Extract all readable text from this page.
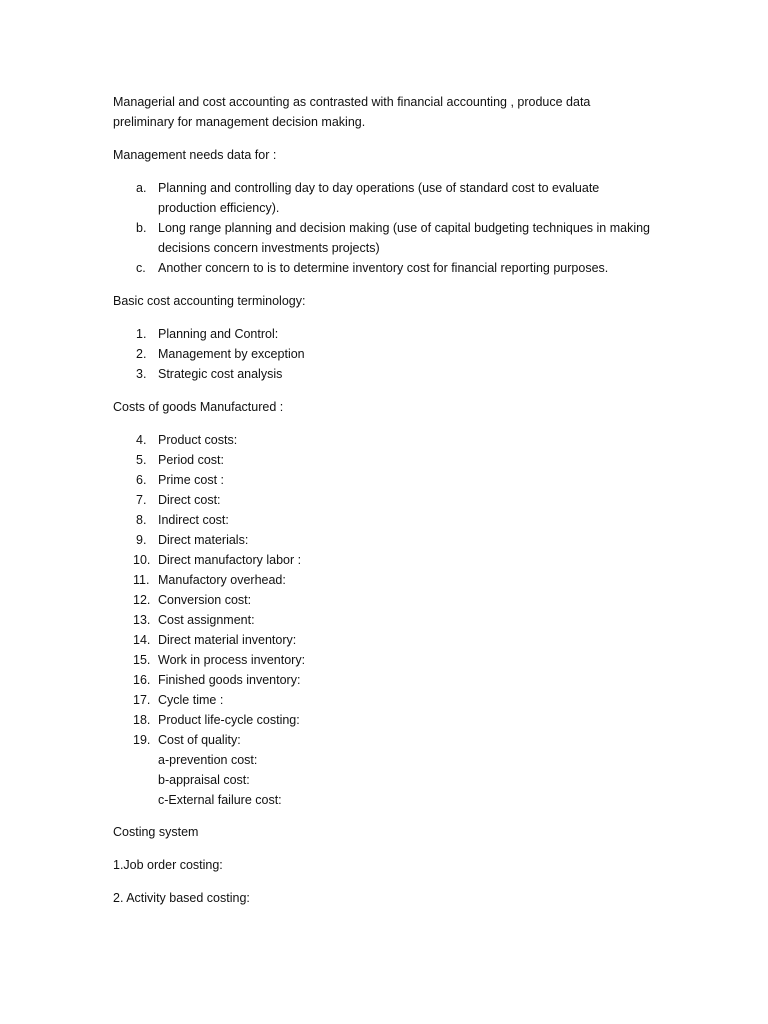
Managerial and cost accounting as contrasted with financial accounting , produce data
preliminary for management decision making.
Management needs data for :
a. Planning and controlling day to day operations (use of standard cost to evaluate
production efficiency).
b. Long range planning and decision making (use of capital budgeting techniques in making
decisions concern investments projects)
c. Another concern to is to determine inventory cost for financial reporting purposes.
Basic cost accounting terminology:
1. Planning and Control:
2. Management by exception
3. Strategic cost analysis
Costs of goods Manufactured :
4. Product costs:
5. Period cost:
6. Prime cost :
7. Direct cost:
8. Indirect cost:
9. Direct materials:
10. Direct manufactory labor :
11. Manufactory overhead:
12. Conversion cost:
13. Cost assignment:
14. Direct material inventory:
15. Work in process inventory:
16. Finished goods inventory:
17. Cycle time :
18. Product life-cycle costing:
19. Cost of quality:
a-prevention cost:
b-appraisal cost:
c-External failure cost:
Costing system
1.Job order costing:
2. Activity based costing:
